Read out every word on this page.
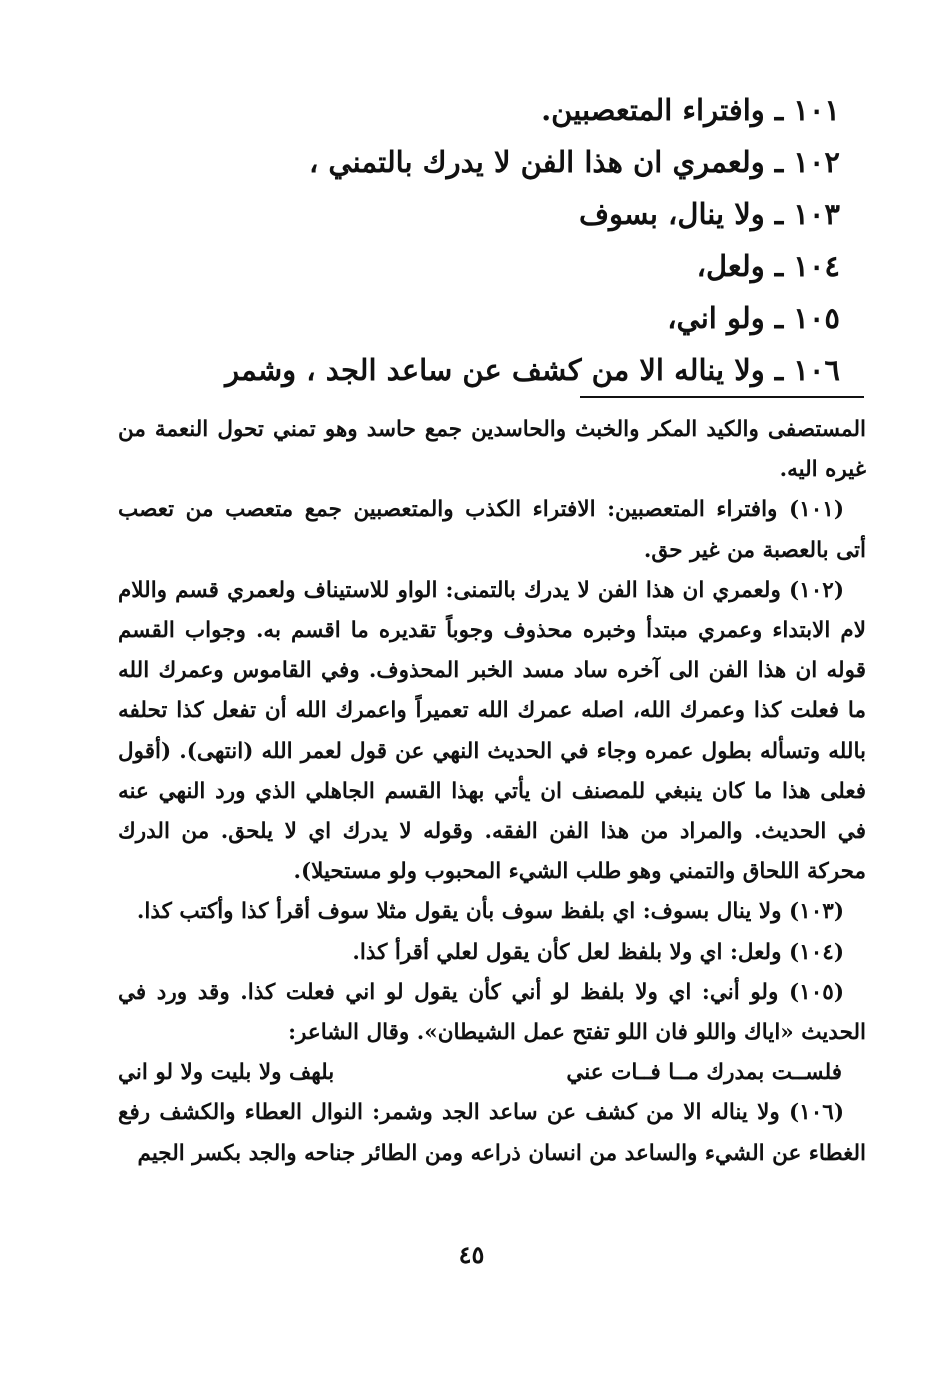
١٠١ـوافتراء المتعصبين.

١٠٢ـولعمري ان هذا الفن لا يدرك بالتمني ،

١٠٣ـولا ينال، بسوف

١٠٤ـولعل،

١٠٥ـولو اني،

١٠٦ـولا يناله الا من كشف عن ساعد الجد ، وشمر

المستصفى والكيد المكر والخبث والحاسدين جمع حاسد وهو تمني تحول النعمة من غيره اليه.

(١٠١) وافتراء المتعصبين: الافتراء الكذب والمتعصبين جمع متعصب من تعصب أتى بالعصبة من غير حق.

(١٠٢) ولعمري ان هذا الفن لا يدرك بالتمنى: الواو للاستيناف ولعمري قسم واللام لام الابتداء وعمري مبتدأ وخبره محذوف وجوباً تقديره ما اقسم به. وجواب القسم قوله ان هذا الفن الى آخره ساد مسد الخبر المحذوف. وفي القاموس وعمرك الله ما فعلت كذا وعمرك الله، اصله عمرك الله تعميراً واعمرك الله أن تفعل كذا تحلفه بالله وتسأله بطول عمره وجاء في الحديث النهي عن قول لعمر الله (انتهى). (أقول فعلى هذا ما كان ينبغي للمصنف ان يأتي بهذا القسم الجاهلي الذي ورد النهي عنه في الحديث. والمراد من هذا الفن الفقه. وقوله لا يدرك اي لا يلحق. من الدرك محركة اللحاق والتمني وهو طلب الشيء المحبوب ولو مستحيلا).

(١٠٣) ولا ينال بسوف: اي بلفظ سوف بأن يقول مثلا سوف أقرأ كذا وأكتب كذا.

(١٠٤) ولعل: اي ولا بلفظ لعل كأن يقول لعلي أقرأ كذا.

(١٠٥) ولو أني: اي ولا بلفظ لو أني كأن يقول لو اني فعلت كذا. وقد ورد في الحديث «اياك واللو فان اللو تفتح عمل الشيطان». وقال الشاعر:

فلســت بمدرك مــا فــات عني
بلهف ولا بليت ولا لو اني

(١٠٦) ولا يناله الا من كشف عن ساعد الجد وشمر: النوال العطاء والكشف رفع الغطاء عن الشيء والساعد من انسان ذراعه ومن الطائر جناحه والجد بكسر الجيم

٤٥
